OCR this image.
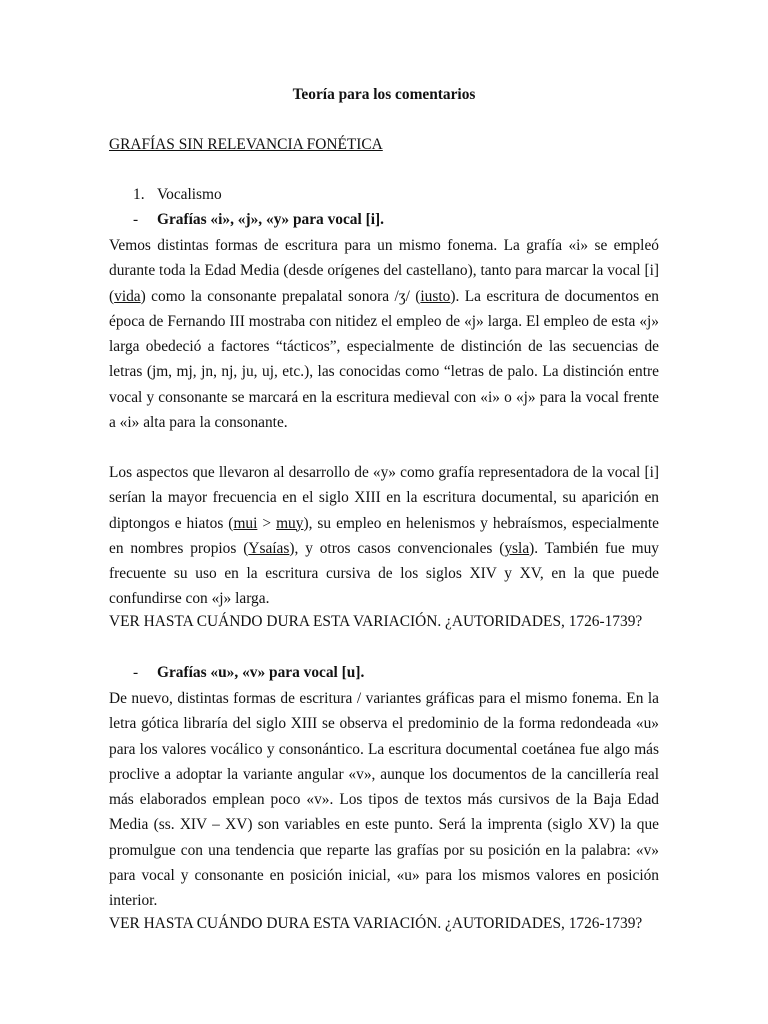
Teoría para los comentarios
GRAFÍAS SIN RELEVANCIA FONÉTICA
1. Vocalismo
- Grafías «i», «j», «y» para vocal [i].
Vemos distintas formas de escritura para un mismo fonema. La grafía «i» se empleó durante toda la Edad Media (desde orígenes del castellano), tanto para marcar la vocal [i] (vida) como la consonante prepalatal sonora /ʒ/ (iusto). La escritura de documentos en época de Fernando III mostraba con nitidez el empleo de «j» larga. El empleo de esta «j» larga obedeció a factores “tácticos”, especialmente de distinción de las secuencias de letras (jm, mj, jn, nj, ju, uj, etc.), las conocidas como “letras de palo. La distinción entre vocal y consonante se marcará en la escritura medieval con «i» o «j» para la vocal frente a «i» alta para la consonante.
Los aspectos que llevaron al desarrollo de «y» como grafía representadora de la vocal [i] serían la mayor frecuencia en el siglo XIII en la escritura documental, su aparición en diptongos e hiatos (mui > muy), su empleo en helenismos y hebraísmos, especialmente en nombres propios (Ysaías), y otros casos convencionales (ysla). También fue muy frecuente su uso en la escritura cursiva de los siglos XIV y XV, en la que puede confundirse con «j» larga.
VER HASTA CUÁNDO DURA ESTA VARIACIÓN. ¿AUTORIDADES, 1726-1739?
- Grafías «u», «v» para vocal [u].
De nuevo, distintas formas de escritura / variantes gráficas para el mismo fonema. En la letra gótica libraría del siglo XIII se observa el predominio de la forma redondeada «u» para los valores vocálico y consonántico. La escritura documental coetánea fue algo más proclive a adoptar la variante angular «v», aunque los documentos de la cancillería real más elaborados emplean poco «v». Los tipos de textos más cursivos de la Baja Edad Media (ss. XIV – XV) son variables en este punto. Será la imprenta (siglo XV) la que promulgue con una tendencia que reparte las grafías por su posición en la palabra: «v» para vocal y consonante en posición inicial, «u» para los mismos valores en posición interior.
VER HASTA CUÁNDO DURA ESTA VARIACIÓN. ¿AUTORIDADES, 1726-1739?
